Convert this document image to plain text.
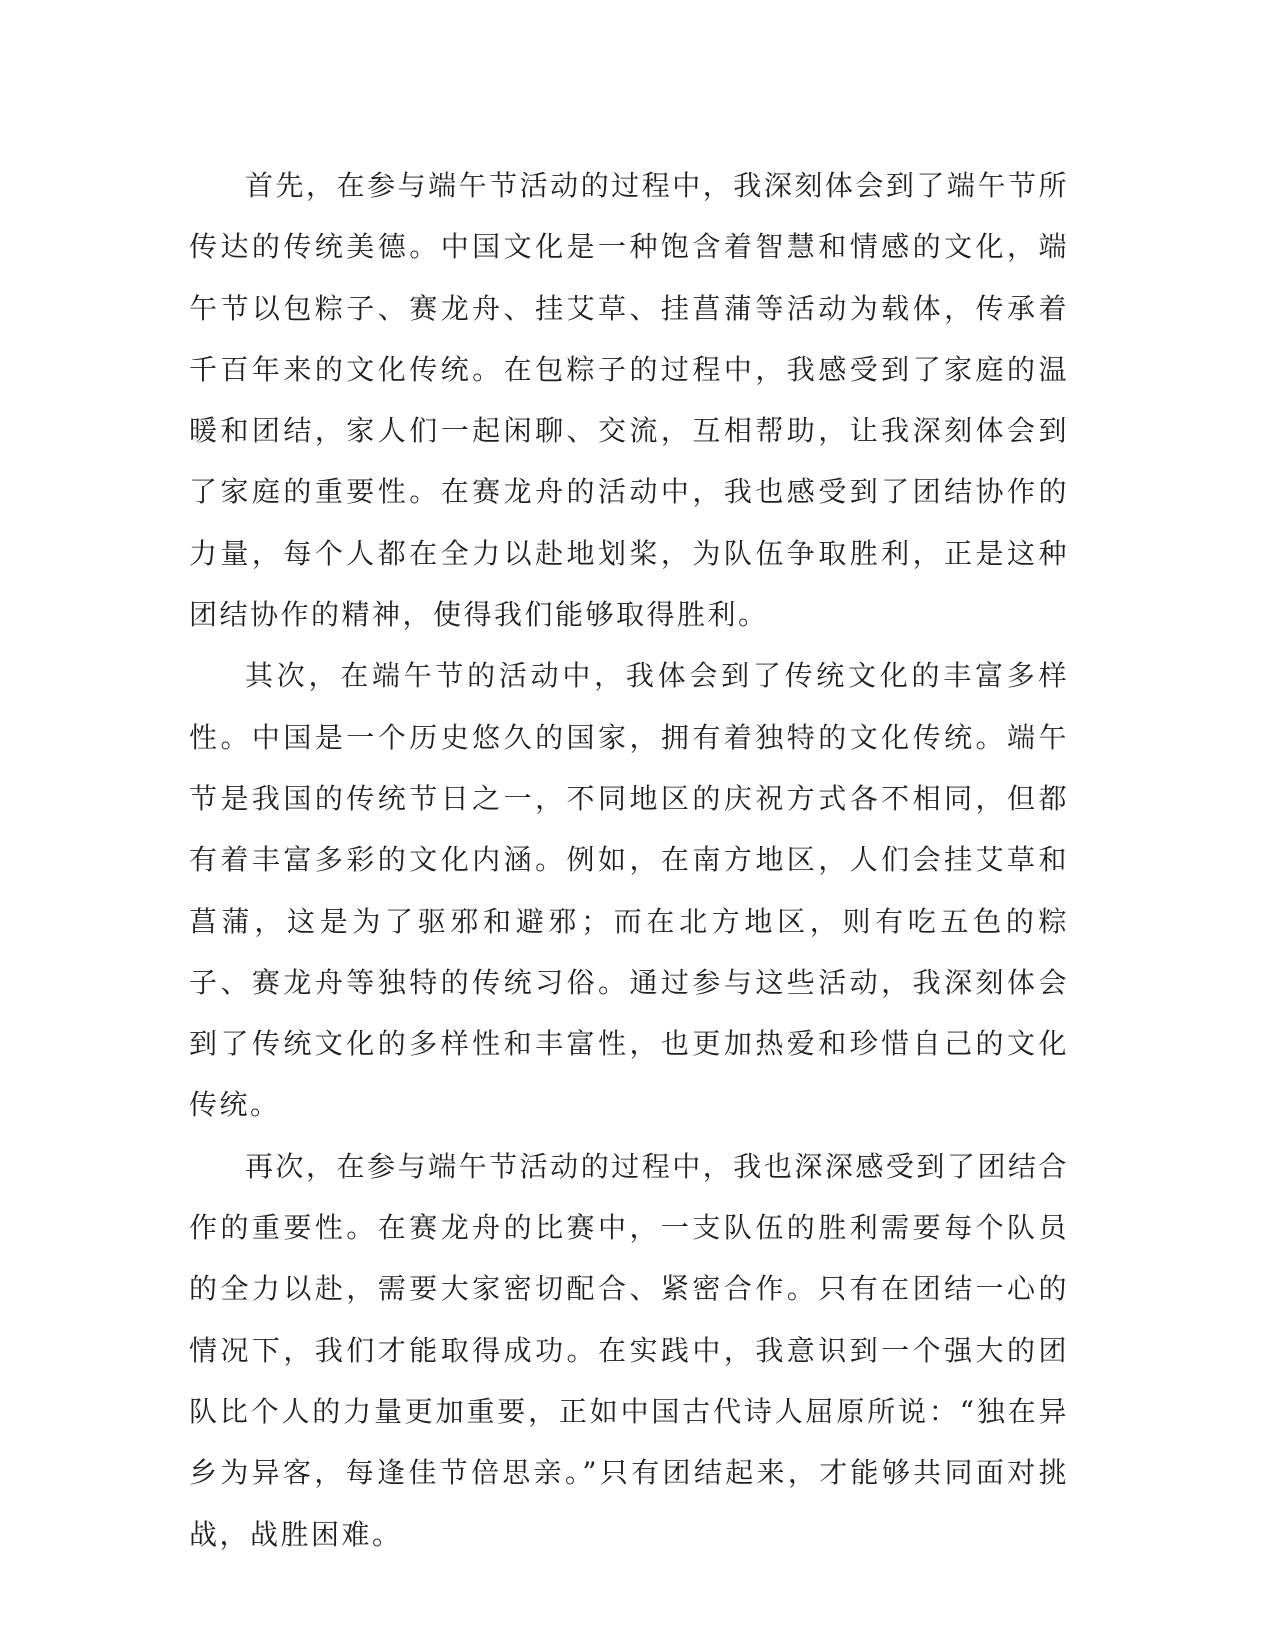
首先，在参与端午节活动的过程中，我深刻体会到了端午节所传达的传统美德。中国文化是一种饱含着智慧和情感的文化，端午节以包粽子、赛龙舟、挂艾草、挂菖蒲等活动为载体，传承着千百年来的文化传统。在包粽子的过程中，我感受到了家庭的温暖和团结，家人们一起闲聊、交流，互相帮助，让我深刻体会到了家庭的重要性。在赛龙舟的活动中，我也感受到了团结协作的力量，每个人都在全力以赴地划桨，为队伍争取胜利，正是这种团结协作的精神，使得我们能够取得胜利。

其次，在端午节的活动中，我体会到了传统文化的丰富多样性。中国是一个历史悠久的国家，拥有着独特的文化传统。端午节是我国的传统节日之一，不同地区的庆祝方式各不相同，但都有着丰富多彩的文化内涵。例如，在南方地区，人们会挂艾草和菖蒲，这是为了驱邪和避邪；而在北方地区，则有吃五色的粽子、赛龙舟等独特的传统习俗。通过参与这些活动，我深刻体会到了传统文化的多样性和丰富性，也更加热爱和珍惜自己的文化传统。

再次，在参与端午节活动的过程中，我也深深感受到了团结合作的重要性。在赛龙舟的比赛中，一支队伍的胜利需要每个队员的全力以赴，需要大家密切配合、紧密合作。只有在团结一心的情况下，我们才能取得成功。在实践中，我意识到一个强大的团队比个人的力量更加重要，正如中国古代诗人屈原所说：“独在异乡为异客，每逢佳节倍思亲。”只有团结起来，才能够共同面对挑战，战胜困难。
